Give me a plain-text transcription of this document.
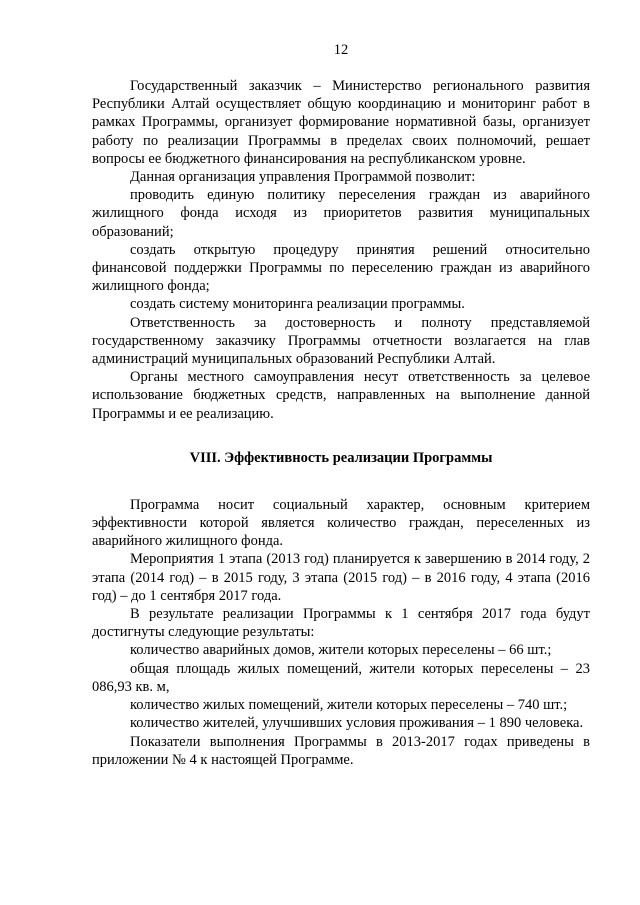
12

Государственный заказчик – Министерство регионального развития Республики Алтай осуществляет общую координацию и мониторинг работ в рамках Программы, организует формирование нормативной базы, организует работу по реализации Программы в пределах своих полномочий, решает вопросы ее бюджетного финансирования на республиканском уровне.

Данная организация управления Программой позволит:

проводить единую политику переселения граждан из аварийного жилищного фонда исходя из приоритетов развития муниципальных образований;

создать открытую процедуру принятия решений относительно финансовой поддержки Программы по переселению граждан из аварийного жилищного фонда;

создать систему мониторинга реализации программы.

Ответственность за достоверность и полноту представляемой государственному заказчику Программы отчетности возлагается на глав администраций муниципальных образований Республики Алтай.

Органы местного самоуправления несут ответственность за целевое использование бюджетных средств, направленных на выполнение данной Программы и ее реализацию.

VIII. Эффективность реализации Программы

Программа носит социальный характер, основным критерием эффективности которой является количество граждан, переселенных из аварийного жилищного фонда.

Мероприятия 1 этапа (2013 год) планируется к завершению в 2014 году, 2 этапа (2014 год) – в 2015 году, 3 этапа (2015 год) – в 2016 году, 4 этапа (2016 год) – до 1 сентября 2017 года.

В результате реализации Программы к 1 сентября 2017 года будут достигнуты следующие результаты:

количество аварийных домов, жители которых переселены – 66 шт.;

общая площадь жилых помещений, жители которых переселены – 23 086,93 кв. м,

количество жилых помещений, жители которых переселены – 740 шт.;

количество жителей, улучшивших условия проживания – 1 890 человека.

Показатели выполнения Программы в 2013-2017 годах приведены в приложении № 4 к настоящей Программе.
